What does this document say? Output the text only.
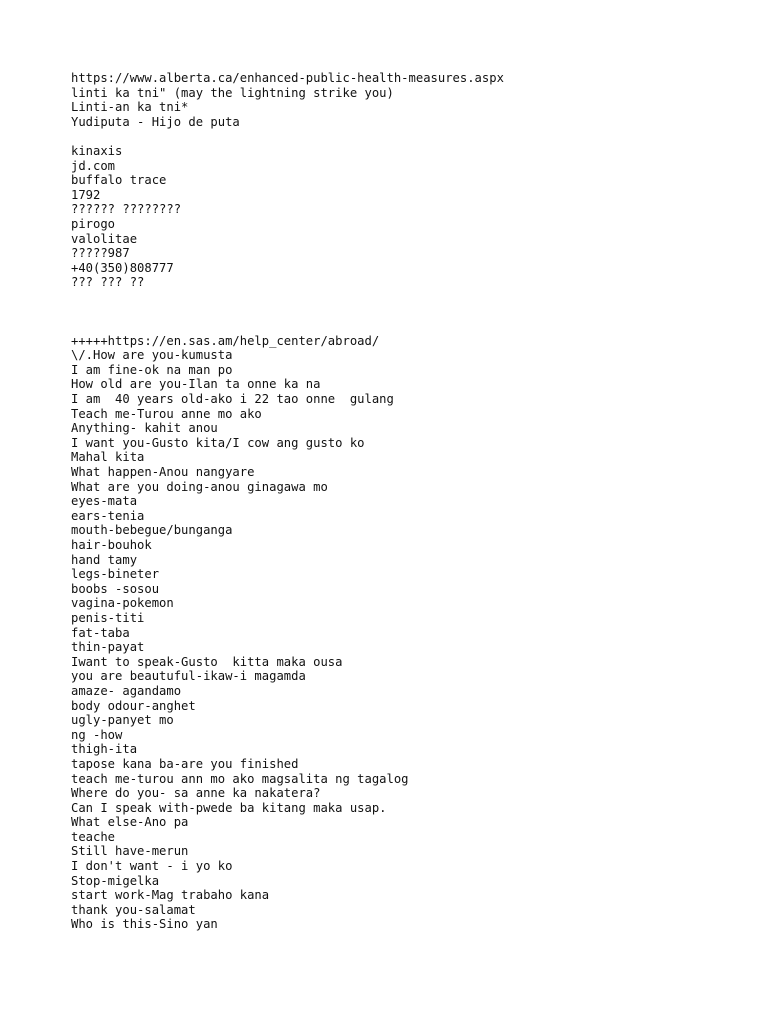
https://www.alberta.ca/enhanced-public-health-measures.aspx
linti ka tni" (may the lightning strike you)
Linti-an ka tni*
Yudiputa - Hijo de puta
kinaxis
jd.com
buffalo trace
1792
?????? ????????
pirogo
valolitae
?????987
+40(350)808777
??? ??? ??
+++++https://en.sas.am/help_center/abroad/
\/.How are you-kumusta
I am fine-ok na man po
How old are you-Ilan ta onne ka na
I am  40 years old-ako i 22 tao onne  gulang
Teach me-Turou anne mo ako
Anything- kahit anou
I want you-Gusto kita/I cow ang gusto ko
Mahal kita
What happen-Anou nangyare
What are you doing-anou ginagawa mo
eyes-mata
ears-tenia
mouth-bebegue/bunganga
hair-bouhok
hand tamy
legs-bineter
boobs -sosou
vagina-pokemon
penis-titi
fat-taba
thin-payat
Iwant to speak-Gusto  kitta maka ousa
you are beautuful-ikaw-i magamda
amaze- agandamo
body odour-anghet
ugly-panyet mo
ng -how
thigh-ita
tapose kana ba-are you finished
teach me-turou ann mo ako magsalita ng tagalog
Where do you- sa anne ka nakatera?
Can I speak with-pwede ba kitang maka usap.
What else-Ano pa
teache
Still have-merun
I don't want - i yo ko
Stop-migelka
start work-Mag trabaho kana
thank you-salamat
Who is this-Sino yan
